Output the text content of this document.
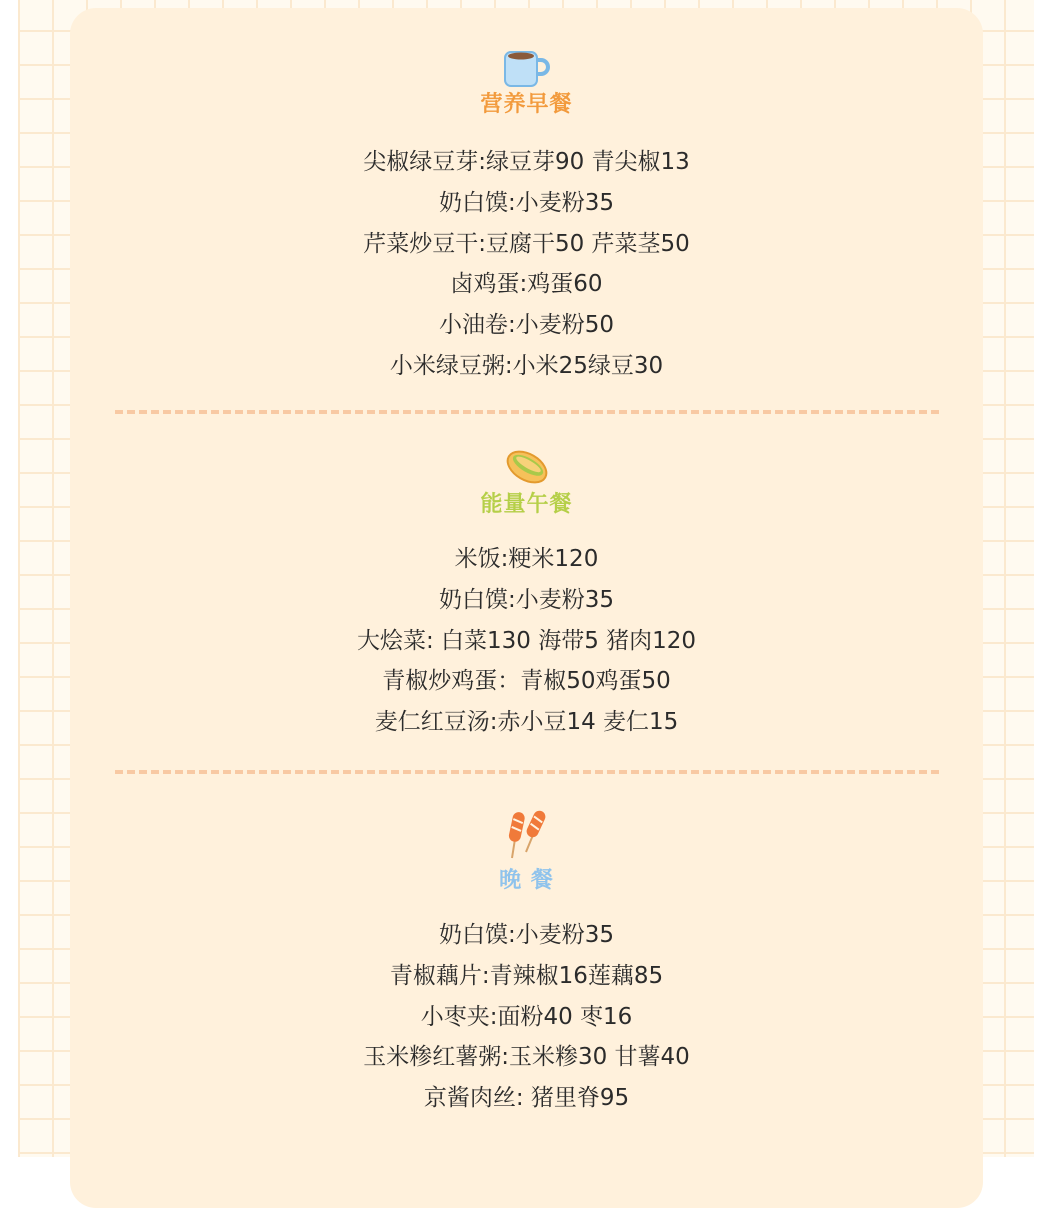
营养早餐
尖椒绿豆芽:绿豆芽90 青尖椒13
奶白馍:小麦粉35
芹菜炒豆干:豆腐干50 芹菜茎50
卤鸡蛋:鸡蛋60
小油卷:小麦粉50
小米绿豆粥:小米25绿豆30
能量午餐
米饭:粳米120
奶白馍:小麦粉35
大烩菜: 白菜130 海带5 猪肉120
青椒炒鸡蛋：青椒50鸡蛋50
麦仁红豆汤:赤小豆14 麦仁15
晚 餐
奶白馍:小麦粉35
青椒藕片:青辣椒16莲藕85
小枣夹:面粉40 枣16
玉米糁红薯粥:玉米糁30 甘薯40
京酱肉丝: 猪里脊95
